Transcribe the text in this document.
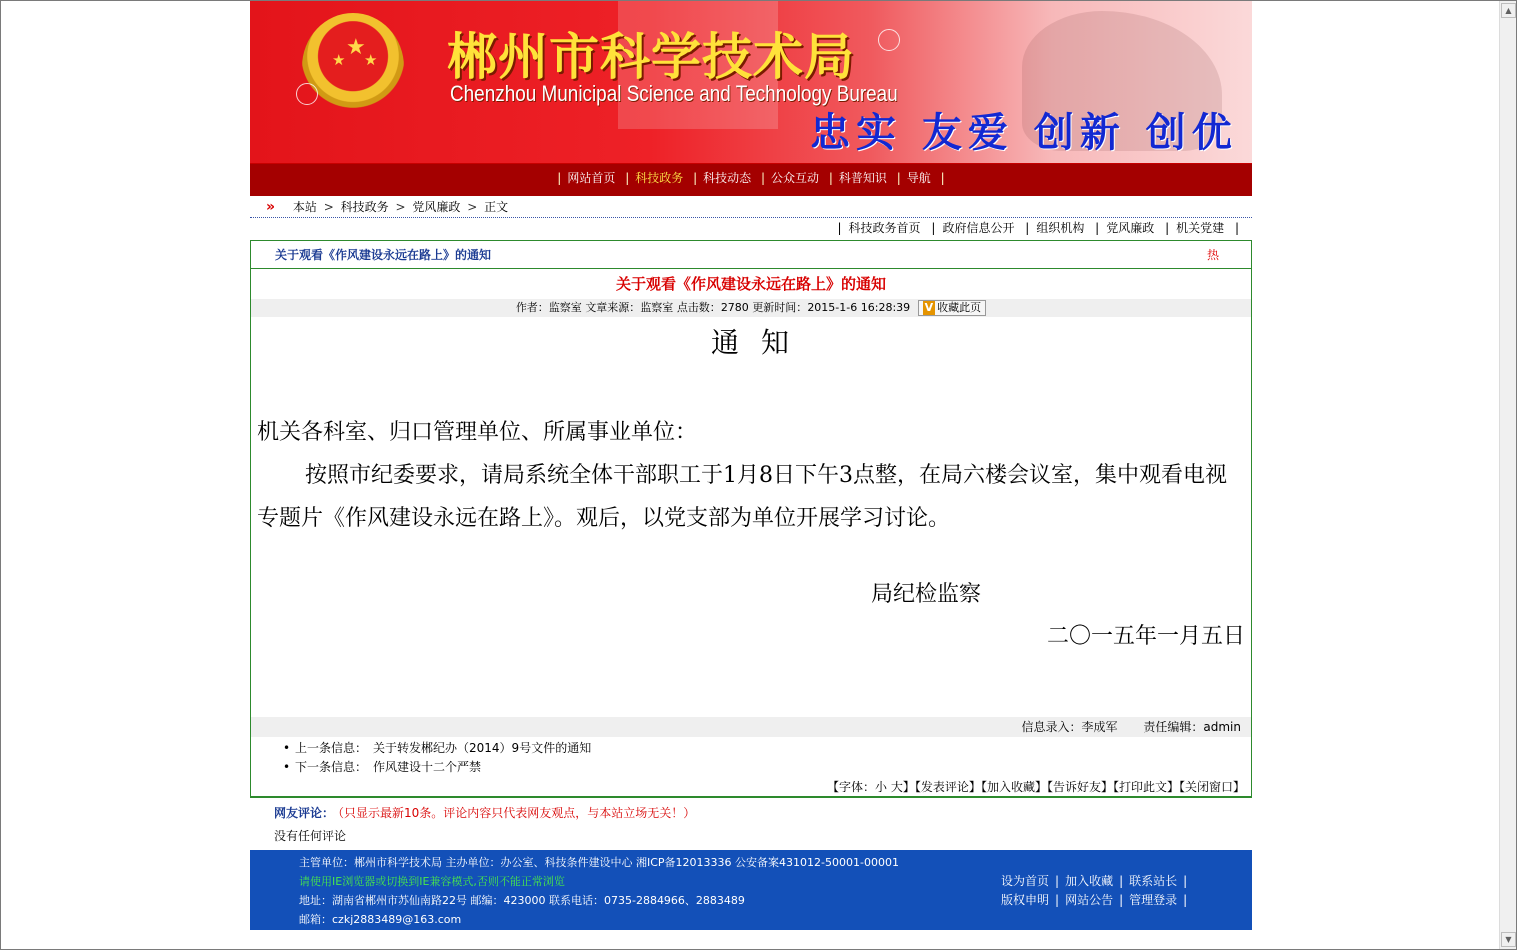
▲
▼
★
★ ★ 郴州市科学技术局
Chenzhou Municipal Science and Technology Bureau
忠实 友爱 创新 创优
| 网站首页 | 科技政务 | 科技动态 | 公众互动 | 科普知识 | 导航 |
» 本站 > 科技政务 > 党风廉政 > 正文
| 科技政务首页 | 政府信息公开 | 组织机构 | 党风廉政 | 机关党建 |
关于观看《作风建设永远在路上》的通知	热
关于观看《作风建设永远在路上》的通知
作者：监察室 文章来源：监察室 点击数：2780 更新时间：2015-1-6 16:28:39 V 收藏此页
通知
机关各科室、归口管理单位、所属事业单位：
按照市纪委要求，请局系统全体干部职工于1月8日下午3点整，在局六楼会议室，集中观看电视专题片《作风建设永远在路上》。观后，以党支部为单位开展学习讨论。
局纪检监察
二〇一五年一月五日
信息录入：李成军 责任编辑：admin
• 上一条信息： 关于转发郴纪办（2014）9号文件的通知
• 下一条信息： 作风建设十二个严禁
【字体：小 大】【发表评论】【加入收藏】【告诉好友】【打印此文】【关闭窗口】
网友评论： （只显示最新10条。评论内容只代表网友观点，与本站立场无关！）
没有任何评论
主管单位：郴州市科学技术局 主办单位：办公室、科技条件建设中心 湘ICP备12013336 公安备案431012-50001-00001
请使用IE浏览器或切换到IE兼容模式,否则不能正常浏览
地址：湖南省郴州市苏仙南路22号 邮编：423000 联系电话：0735-2884966、2883489
邮箱：czkj2883489@163.com
设为首页 | 加入收藏 | 联系站长 |
版权申明 | 网站公告 | 管理登录 |
